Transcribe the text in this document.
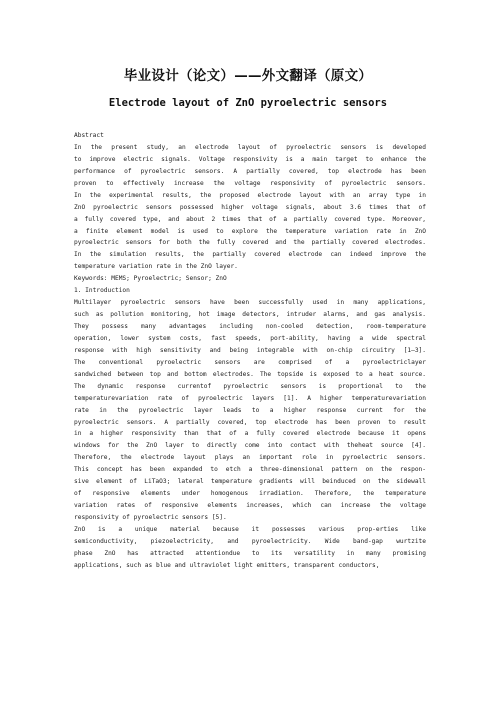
毕业设计（论文）——外文翻译（原文）
Electrode layout of ZnO pyroelectric sensors
Abstract
In the present study, an electrode layout of pyroelectric sensors is developed
to improve electric signals. Voltage responsivity is a main target to enhance the
performance of pyroelectric sensors. A partially covered, top electrode has been
proven to effectively increase the voltage responsivity of pyroelectric sensors.
In the experimental results, the proposed electrode layout with an array type in
ZnO pyroelectric sensors possessed higher voltage signals, about 3.6 times that of
a fully covered type, and about 2 times that of a partially covered type. Moreover,
a finite element model is used to explore the temperature variation rate in ZnO
pyroelectric sensors for both the fully covered and the partially covered electrodes.
In the simulation results, the partially covered electrode can indeed improve the
temperature variation rate in the ZnO layer.
Keywords: MEMS; Pyroelectric; Sensor; ZnO
1. Introduction
Multilayer pyroelectric sensors have been successfully used in many applications,
such as pollution monitoring, hot image detectors, intruder alarms, and gas analysis.
They possess many advantages including non-cooled detection, room-temperature
operation, lower system costs, fast speeds, port-ability, having a wide spectral
response with high sensitivity and being integrable with on-chip circuitry [1–3].
The conventional pyroelectric sensors are comprised of a pyroelectriclayer
sandwiched between top and bottom electrodes. The topside is exposed to a heat source.
The dynamic response currentof pyroelectric sensors is proportional to the
temperaturevariation rate of pyroelectric layers [1]. A higher temperaturevariation
rate in the pyroelectric layer leads to a higher response current for the
pyroelectric sensors. A partially covered, top electrode has been proven to result
in a higher responsivity than that of a fully covered electrode because it opens
windows for the ZnO layer to directly come into contact with theheat source [4].
Therefore, the electrode layout plays an important role in pyroelectric sensors.
This concept has been expanded to etch a three-dimensional pattern on the respon-
sive element of LiTaO3; lateral temperature gradients will beinduced on the sidewall
of responsive elements under homogenous irradiation. Therefore, the temperature
variation rates of responsive elements increases, which can increase the voltage
responsivity of pyroelectric sensors [5].
ZnO is a unique material because it possesses various prop-erties like
semiconductivity, piezoelectricity, and pyroelectricity. Wide band-gap wurtzite
phase ZnO has attracted attentiondue to its versatility in many promising
applications, such as blue and ultraviolet light emitters, transparent conductors,
